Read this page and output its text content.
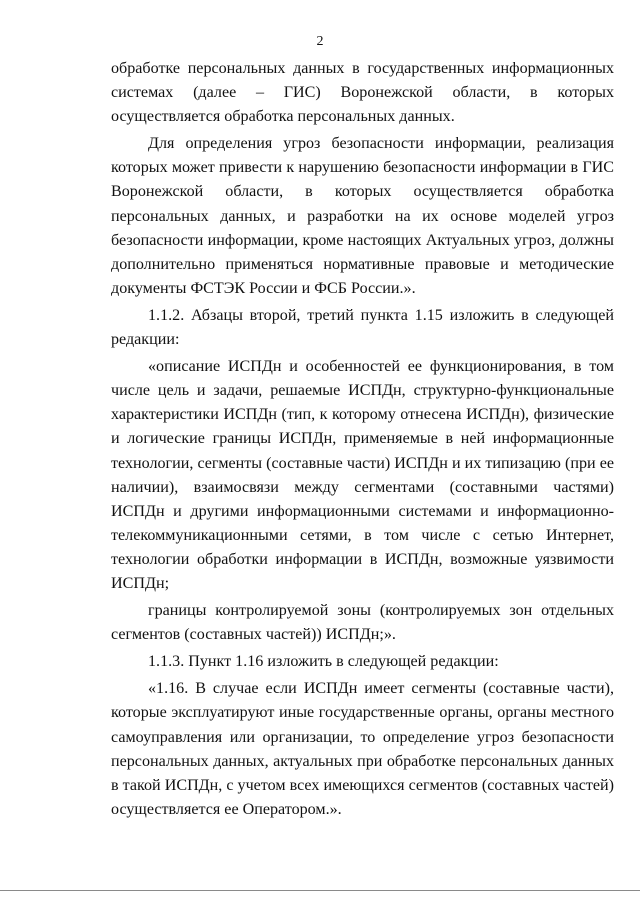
2

обработке персональных данных в государственных информационных системах (далее – ГИС) Воронежской области, в которых осуществляется обработка персональных данных.

Для определения угроз безопасности информации, реализация которых может привести к нарушению безопасности информации в ГИС Воронежской области, в которых осуществляется обработка персональных данных, и разработки на их основе моделей угроз безопасности информации, кроме настоящих Актуальных угроз, должны дополнительно применяться нормативные правовые и методические документы ФСТЭК России и ФСБ России.».

1.1.2. Абзацы второй, третий пункта 1.15 изложить в следующей редакции:

«описание ИСПДн и особенностей ее функционирования, в том числе цель и задачи, решаемые ИСПДн, структурно-функциональные характеристики ИСПДн (тип, к которому отнесена ИСПДн), физические и логические границы ИСПДн, применяемые в ней информационные технологии, сегменты (составные части) ИСПДн и их типизацию (при ее наличии), взаимосвязи между сегментами (составными частями) ИСПДн и другими информационными системами и информационно-телекоммуникационными сетями, в том числе с сетью Интернет, технологии обработки информации в ИСПДн, возможные уязвимости ИСПДн;

границы контролируемой зоны (контролируемых зон отдельных сегментов (составных частей)) ИСПДн;».

1.1.3. Пункт 1.16 изложить в следующей редакции:

«1.16. В случае если ИСПДн имеет сегменты (составные части), которые эксплуатируют иные государственные органы, органы местного самоуправления или организации, то определение угроз безопасности персональных данных, актуальных при обработке персональных данных в такой ИСПДн, с учетом всех имеющихся сегментов (составных частей) осуществляется ее Оператором.».
